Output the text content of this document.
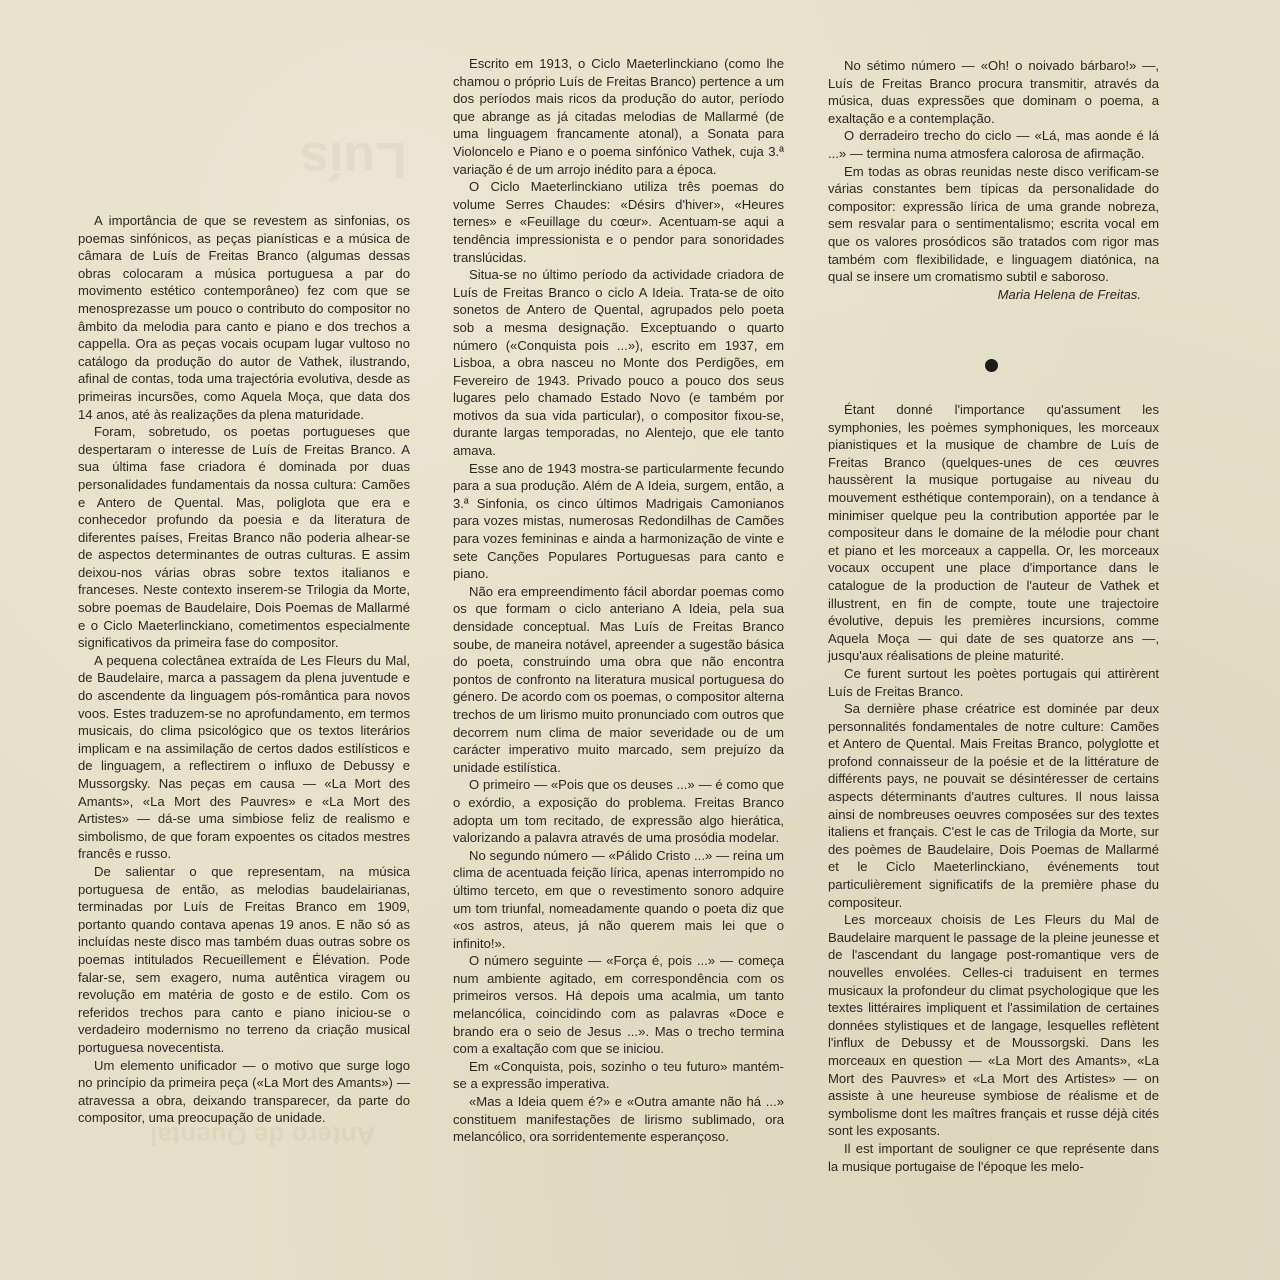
Luís
Antero de Quental

A importância de que se revestem as sinfonias, os poemas sinfónicos, as peças pianísticas e a música de câmara de Luís de Freitas Branco (algumas dessas obras colocaram a música portuguesa a par do movimento estético contemporâneo) fez com que se menosprezasse um pouco o contributo do compositor no âmbito da melodia para canto e piano e dos trechos a cappella. Ora as peças vocais ocupam lugar vultoso no catálogo da produção do autor de Vathek, ilustrando, afinal de contas, toda uma trajectória evolutiva, desde as primeiras incursões, como Aquela Moça, que data dos 14 anos, até às realizações da plena maturidade.

Foram, sobretudo, os poetas portugueses que despertaram o interesse de Luís de Freitas Branco. A sua última fase criadora é dominada por duas personalidades fundamentais da nossa cultura: Camões e Antero de Quental. Mas, poliglota que era e conhecedor profundo da poesia e da literatura de diferentes países, Freitas Branco não poderia alhear-se de aspectos determinantes de outras culturas. E assim deixou-nos várias obras sobre textos italianos e franceses. Neste contexto inserem-se Trilogia da Morte, sobre poemas de Baudelaire, Dois Poemas de Mallarmé e o Ciclo Maeterlinckiano, cometimentos especialmente significativos da primeira fase do compositor.

A pequena colectânea extraída de Les Fleurs du Mal, de Baudelaire, marca a passagem da plena juventude e do ascendente da linguagem pós-romântica para novos voos. Estes traduzem-se no aprofundamento, em termos musicais, do clima psicológico que os textos literários implicam e na assimilação de certos dados estilísticos e de linguagem, a reflectirem o influxo de Debussy e Mussorgsky. Nas peças em causa — «La Mort des Amants», «La Mort des Pauvres» e «La Mort des Artistes» — dá-se uma simbiose feliz de realismo e simbolismo, de que foram expoentes os citados mestres francês e russo.

De salientar o que representam, na música portuguesa de então, as melodias baudelairianas, terminadas por Luís de Freitas Branco em 1909, portanto quando contava apenas 19 anos. E não só as incluídas neste disco mas também duas outras sobre os poemas intitulados Recueillement e Élévation. Pode falar-se, sem exagero, numa autêntica viragem ou revolução em matéria de gosto e de estilo. Com os referidos trechos para canto e piano iniciou-se o verdadeiro modernismo no terreno da criação musical portuguesa novecentista.

Um elemento unificador — o motivo que surge logo no princípio da primeira peça («La Mort des Amants») — atravessa a obra, deixando transparecer, da parte do compositor, uma preocupação de unidade.

Escrito em 1913, o Ciclo Maeterlinckiano (como lhe chamou o próprio Luís de Freitas Branco) pertence a um dos períodos mais ricos da produção do autor, período que abrange as já citadas melodias de Mallarmé (de uma linguagem francamente atonal), a Sonata para Violoncelo e Piano e o poema sinfónico Vathek, cuja 3.ª variação é de um arrojo inédito para a época.

O Ciclo Maeterlinckiano utiliza três poemas do volume Serres Chaudes: «Désirs d'hiver», «Heures ternes» e «Feuillage du cœur». Acentuam-se aqui a tendência impressionista e o pendor para sonoridades translúcidas.

Situa-se no último período da actividade criadora de Luís de Freitas Branco o ciclo A Ideia. Trata-se de oito sonetos de Antero de Quental, agrupados pelo poeta sob a mesma designação. Exceptuando o quarto número («Conquista pois ...»), escrito em 1937, em Lisboa, a obra nasceu no Monte dos Perdigões, em Fevereiro de 1943. Privado pouco a pouco dos seus lugares pelo chamado Estado Novo (e também por motivos da sua vida particular), o compositor fixou-se, durante largas temporadas, no Alentejo, que ele tanto amava.

Esse ano de 1943 mostra-se particularmente fecundo para a sua produção. Além de A Ideia, surgem, então, a 3.ª Sinfonia, os cinco últimos Madrigais Camonianos para vozes mistas, numerosas Redondilhas de Camões para vozes femininas e ainda a harmonização de vinte e sete Canções Populares Portuguesas para canto e piano.

Não era empreendimento fácil abordar poemas como os que formam o ciclo anteriano A Ideia, pela sua densidade conceptual. Mas Luís de Freitas Branco soube, de maneira notável, apreender a sugestão básica do poeta, construindo uma obra que não encontra pontos de confronto na literatura musical portuguesa do género. De acordo com os poemas, o compositor alterna trechos de um lirismo muito pronunciado com outros que decorrem num clima de maior severidade ou de um carácter imperativo muito marcado, sem prejuízo da unidade estilística.

O primeiro — «Pois que os deuses ...» — é como que o exórdio, a exposição do problema. Freitas Branco adopta um tom recitado, de expressão algo hierática, valorizando a palavra através de uma prosódia modelar.

No segundo número — «Pálido Cristo ...» — reina um clima de acentuada feição lírica, apenas interrompido no último terceto, em que o revestimento sonoro adquire um tom triunfal, nomeadamente quando o poeta diz que «os astros, ateus, já não querem mais lei que o infinito!».

O número seguinte — «Força é, pois ...» — começa num ambiente agitado, em correspondência com os primeiros versos. Há depois uma acalmia, um tanto melancólica, coincidindo com as palavras «Doce e brando era o seio de Jesus ...». Mas o trecho termina com a exaltação com que se iniciou.

Em «Conquista, pois, sozinho o teu futuro» mantém-se a expressão imperativa.

«Mas a Ideia quem é?» e «Outra amante não há ...» constituem manifestações de lirismo sublimado, ora melancólico, ora sorridentemente esperançoso.

No sétimo número — «Oh! o noivado bárbaro!» —, Luís de Freitas Branco procura transmitir, através da música, duas expressões que dominam o poema, a exaltação e a contemplação.

O derradeiro trecho do ciclo — «Lá, mas aonde é lá ...» — termina numa atmosfera calorosa de afirmação.

Em todas as obras reunidas neste disco verificam-se várias constantes bem típicas da personalidade do compositor: expressão lírica de uma grande nobreza, sem resvalar para o sentimentalismo; escrita vocal em que os valores prosódicos são tratados com rigor mas também com flexibilidade, e linguagem diatónica, na qual se insere um cromatismo subtil e saboroso.

Maria Helena de Freitas.

Étant donné l'importance qu'assument les symphonies, les poèmes symphoniques, les morceaux pianistiques et la musique de chambre de Luís de Freitas Branco (quelques-unes de ces œuvres haussèrent la musique portugaise au niveau du mouvement esthétique contemporain), on a tendance à minimiser quelque peu la contribution apportée par le compositeur dans le domaine de la mélodie pour chant et piano et les morceaux a cappella. Or, les morceaux vocaux occupent une place d'importance dans le catalogue de la production de l'auteur de Vathek et illustrent, en fin de compte, toute une trajectoire évolutive, depuis les premières incursions, comme Aquela Moça — qui date de ses quatorze ans —, jusqu'aux réalisations de pleine maturité.

Ce furent surtout les poètes portugais qui attirèrent Luís de Freitas Branco.

Sa dernière phase créatrice est dominée par deux personnalités fondamentales de notre culture: Camões et Antero de Quental. Mais Freitas Branco, polyglotte et profond connaisseur de la poésie et de la littérature de différents pays, ne pouvait se désintéresser de certains aspects déterminants d'autres cultures. Il nous laissa ainsi de nombreuses oeuvres composées sur des textes italiens et français. C'est le cas de Trilogia da Morte, sur des poèmes de Baudelaire, Dois Poemas de Mallarmé et le Ciclo Maeterlinckiano, événements tout particulièrement significatifs de la première phase du compositeur.

Les morceaux choisis de Les Fleurs du Mal de Baudelaire marquent le passage de la pleine jeunesse et de l'ascendant du langage post-romantique vers de nouvelles envolées. Celles-ci traduisent en termes musicaux la profondeur du climat psychologique que les textes littéraires impliquent et l'assimilation de certaines données stylistiques et de langage, lesquelles reflètent l'influx de Debussy et de Moussorgski. Dans les morceaux en question — «La Mort des Amants», «La Mort des Pauvres» et «La Mort des Artistes» — on assiste à une heureuse symbiose de réalisme et de symbolisme dont les maîtres français et russe déjà cités sont les exposants.

Il est important de souligner ce que représente dans la musique portugaise de l'époque les melo-
